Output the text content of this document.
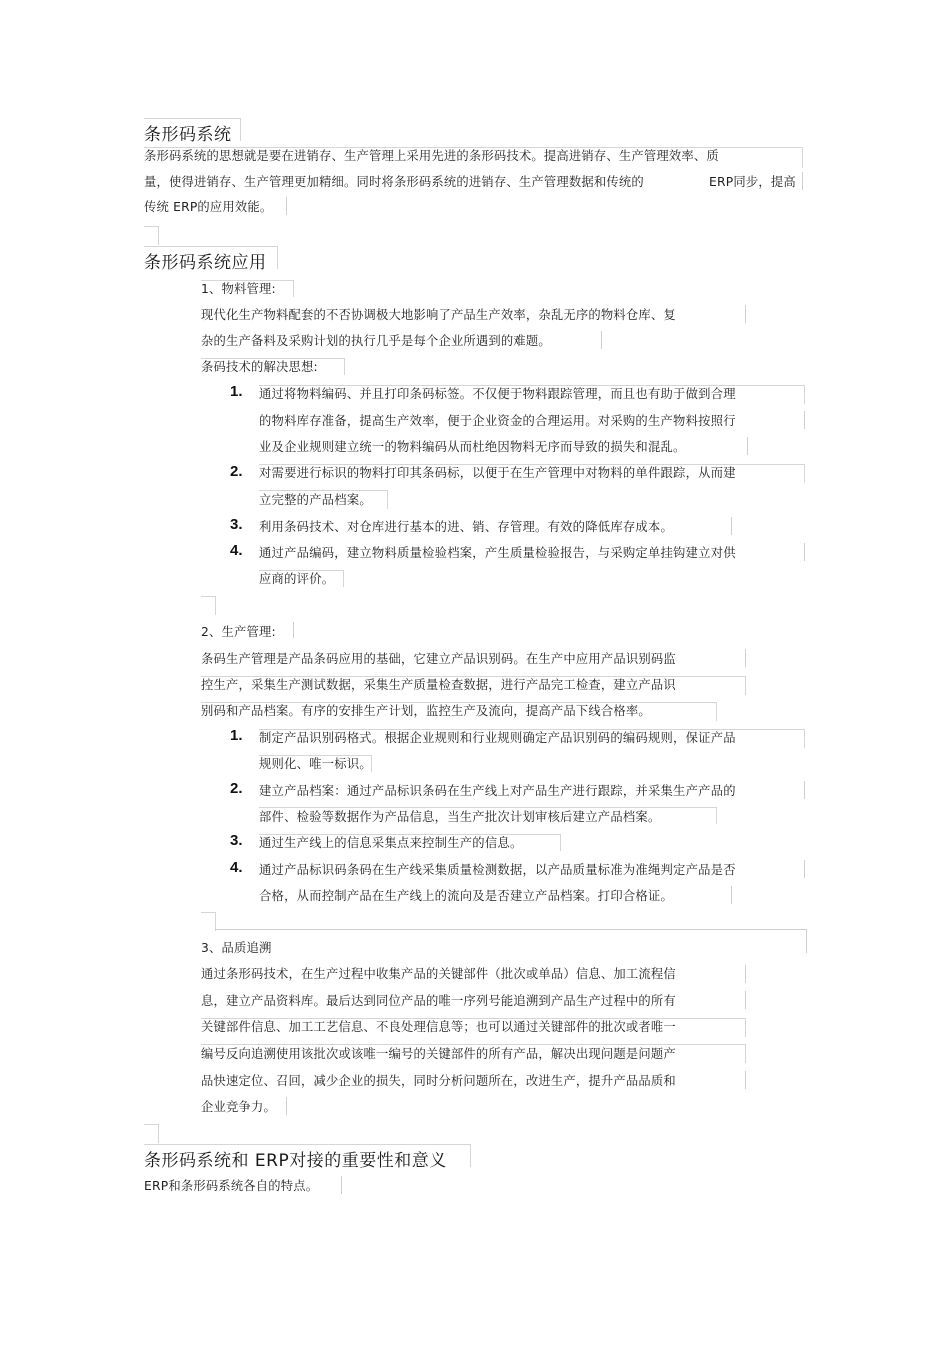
条形码系统
条形码系统的思想就是要在进销存、生产管理上采用先进的条形码技术。提高进销存、生产管理效率、质
量，使得进销存、生产管理更加精细。同时将条形码系统的进销存、生产管理数据和传统的	ERP同步，提高
传统 ERP的应用效能。
条形码系统应用
1、物料管理:
现代化生产物料配套的不否协调极大地影响了产品生产效率，杂乱无序的物料仓库、复
杂的生产备料及采购计划的执行几乎是每个企业所遇到的难题。
条码技术的解决思想:
1. 通过将物料编码、并且打印条码标签。不仅便于物料跟踪管理，而且也有助于做到合理
的物料库存准备，提高生产效率，便于企业资金的合理运用。对采购的生产物料按照行
业及企业规则建立统一的物料编码从而杜绝因物料无序而导致的损失和混乱。
2. 对需要进行标识的物料打印其条码标，以便于在生产管理中对物料的单件跟踪，从而建
立完整的产品档案。
3. 利用条码技术、对仓库进行基本的进、销、存管理。有效的降低库存成本。
4. 通过产品编码，建立物料质量检验档案，产生质量检验报告，与采购定单挂钩建立对供
应商的评价。
2、生产管理:
条码生产管理是产品条码应用的基础，它建立产品识别码。在生产中应用产品识别码监
控生产，采集生产测试数据，采集生产质量检查数据，进行产品完工检查，建立产品识
别码和产品档案。有序的安排生产计划，监控生产及流向，提高产品下线合格率。
1. 制定产品识别码格式。根据企业规则和行业规则确定产品识别码的编码规则，保证产品
规则化、唯一标识。
2. 建立产品档案：通过产品标识条码在生产线上对产品生产进行跟踪，并采集生产产品的
部件、检验等数据作为产品信息，当生产批次计划审核后建立产品档案。
3. 通过生产线上的信息采集点来控制生产的信息。
4. 通过产品标识码条码在生产线采集质量检测数据，以产品质量标准为准绳判定产品是否
合格，从而控制产品在生产线上的流向及是否建立产品档案。打印合格证。
3、品质追溯
通过条形码技术，在生产过程中收集产品的关键部件（批次或单品）信息、加工流程信
息，建立产品资料库。最后达到同位产品的唯一序列号能追溯到产品生产过程中的所有
关键部件信息、加工工艺信息、不良处理信息等；也可以通过关键部件的批次或者唯一
编号反向追溯使用该批次或该唯一编号的关键部件的所有产品，解决出现问题是问题产
品快速定位、召回，减少企业的损失，同时分析问题所在，改进生产，提升产品品质和
企业竞争力。
条形码系统和 ERP对接的重要性和意义
ERP和条形码系统各自的特点。
